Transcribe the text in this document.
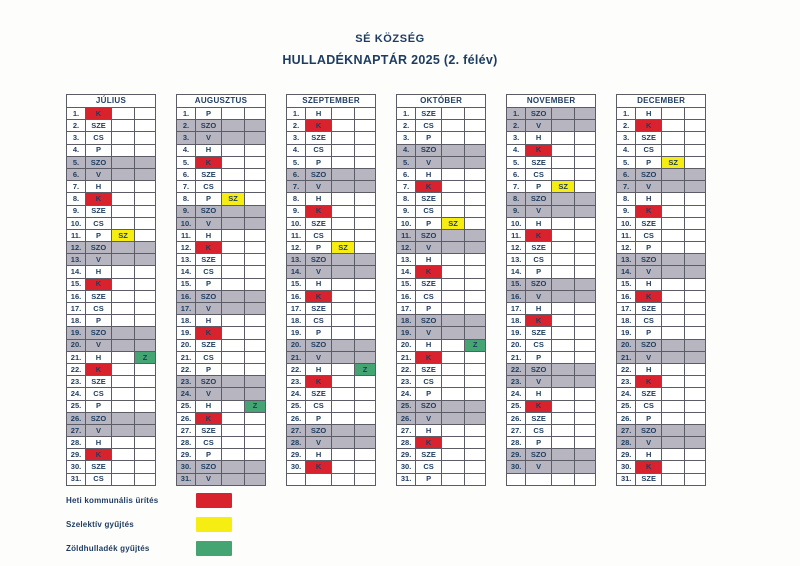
SÉ KÖZSÉG
HULLADÉKNAPTÁR 2025 (2. félév)
JÚLIUS			
1.	K		
2.	SZE		
3.	CS		
4.	P		
5.	SZO		
6.	V		
7.	H		
8.	K		
9.	SZE		
10.	CS		
11.	P	SZ	
12.	SZO		
13.	V		
14.	H		
15.	K		
16.	SZE		
17.	CS		
18.	P		
19.	SZO		
20.	V		
21.	H		Z
22.	K		
23.	SZE		
24.	CS		
25.	P		
26.	SZO		
27.	V		
28.	H		
29.	K		
30.	SZE		
31.	CS		
AUGUSZTUS			
1.	P		
2.	SZO		
3.	V		
4.	H		
5.	K		
6.	SZE		
7.	CS		
8.	P	SZ	
9.	SZO		
10.	V		
11.	H		
12.	K		
13.	SZE		
14.	CS		
15.	P		
16.	SZO		
17.	V		
18.	H		
19.	K		
20.	SZE		
21.	CS		
22.	P		
23.	SZO		
24.	V		
25.	H		Z
26.	K		
27.	SZE		
28.	CS		
29.	P		
30.	SZO		
31.	V		
SZEPTEMBER			
1.	H		
2.	K		
3.	SZE		
4.	CS		
5.	P		
6.	SZO		
7.	V		
8.	H		
9.	K		
10.	SZE		
11.	CS		
12.	P	SZ	
13.	SZO		
14.	V		
15.	H		
16.	K		
17.	SZE		
18.	CS		
19.	P		
20.	SZO		
21.	V		
22.	H		Z
23.	K		
24.	SZE		
25.	CS		
26.	P		
27.	SZO		
28.	V		
29.	H		
30.	K		

OKTÓBER			
1.	SZE		
2.	CS		
3.	P		
4.	SZO		
5.	V		
6.	H		
7.	K		
8.	SZE		
9.	CS		
10.	P	SZ	
11.	SZO		
12.	V		
13.	H		
14.	K		
15.	SZE		
16.	CS		
17.	P		
18.	SZO		
19.	V		
20.	H		Z
21.	K		
22.	SZE		
23.	CS		
24.	P		
25.	SZO		
26.	V		
27.	H		
28.	K		
29.	SZE		
30.	CS		
31.	P		
NOVEMBER			
1.	SZO		
2.	V		
3.	H		
4.	K		
5.	SZE		
6.	CS		
7.	P	SZ	
8.	SZO		
9.	V		
10.	H		
11.	K		
12.	SZE		
13.	CS		
14.	P		
15.	SZO		
16.	V		
17.	H		
18.	K		
19.	SZE		
20.	CS		
21.	P		
22.	SZO		
23.	V		
24.	H		
25.	K		
26.	SZE		
27.	CS		
28.	P		
29.	SZO		
30.	V		

DECEMBER			
1.	H		
2.	K		
3.	SZE		
4.	CS		
5.	P	SZ	
6.	SZO		
7.	V		
8.	H		
9.	K		
10.	SZE		
11.	CS		
12.	P		
13.	SZO		
14.	V		
15.	H		
16.	K		
17.	SZE		
18.	CS		
19.	P		
20.	SZO		
21.	V		
22.	H		
23.	K		
24.	SZE		
25.	CS		
26.	P		
27.	SZO		
28.	V		
29.	H		
30.	K		
31.	SZE		
Heti kommunális ürítés
Szelektív gyűjtés
Zöldhulladék gyűjtés
